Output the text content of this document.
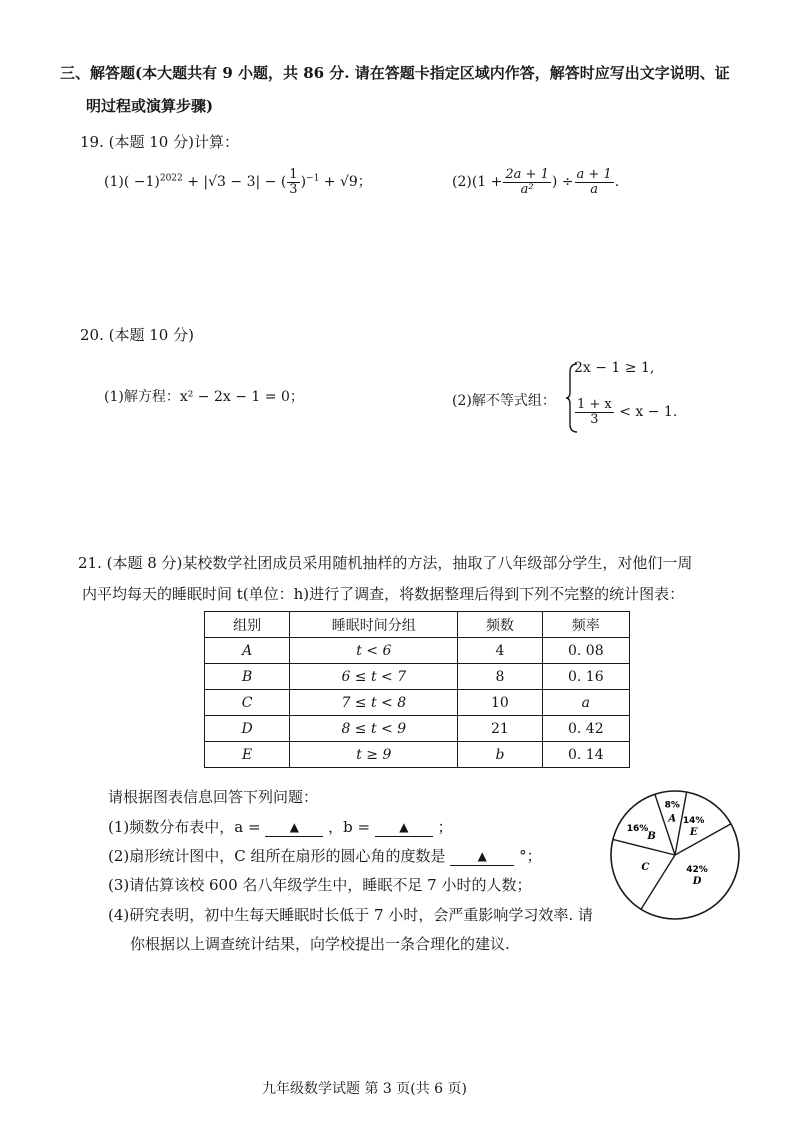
三、解答题(本大题共有 9 小题，共 86 分. 请在答题卡指定区域内作答，解答时应写出文字说明、证
明过程或演算步骤)
19. (本题 10 分)计算：
$(1)( -1)^{2022} + |√3 - 3|$ − ( $\frac{1}{3} )^{-1} + √9$；	$(2)(1 + \frac{2a + 1}{\text{a²}}$ ) ÷ $\frac{a + 1}{a}$ .
20. (本题 10 分)
(1)解方程：x² − 2x − 1 = 0；	(2)解不等式组：
2x − 1 ≥ 1,
$\frac{1 + x}{3} < x - 1$.
21. (本题 8 分)某校数学社团成员采用随机抽样的方法，抽取了八年级部分学生，对他们一周
内平均每天的睡眠时间 t(单位：h)进行了调查，将数据整理后得到下列不完整的统计图表：
组别	睡眠时间分组	频数	频率
A	t < 6	4	0. 08
B	6 ≤ t < 7	8	0. 16
C	7 ≤ t < 8	10	a
D	8 ≤ t < 9	21	0. 42
E	t ≥ 9	b	0. 14
请根据图表信息回答下列问题：
(1)频数分布表中，a = ▲ ，b = ▲ ；
(2)扇形统计图中，C 组所在扇形的圆心角的度数是	▲ °；
(3)请估算该校 600 名八年级学生中，睡眠不足 7 小时的人数；
(4)研究表明，初中生每天睡眠时长低于 7 小时，会严重影响学习效率. 请
你根据以上调查统计结果，向学校提出一条合理化的建议.
A
8%
E
14%
D
42%
C
B
16%
九年级数学试题 第 3 页(共 6 页)
